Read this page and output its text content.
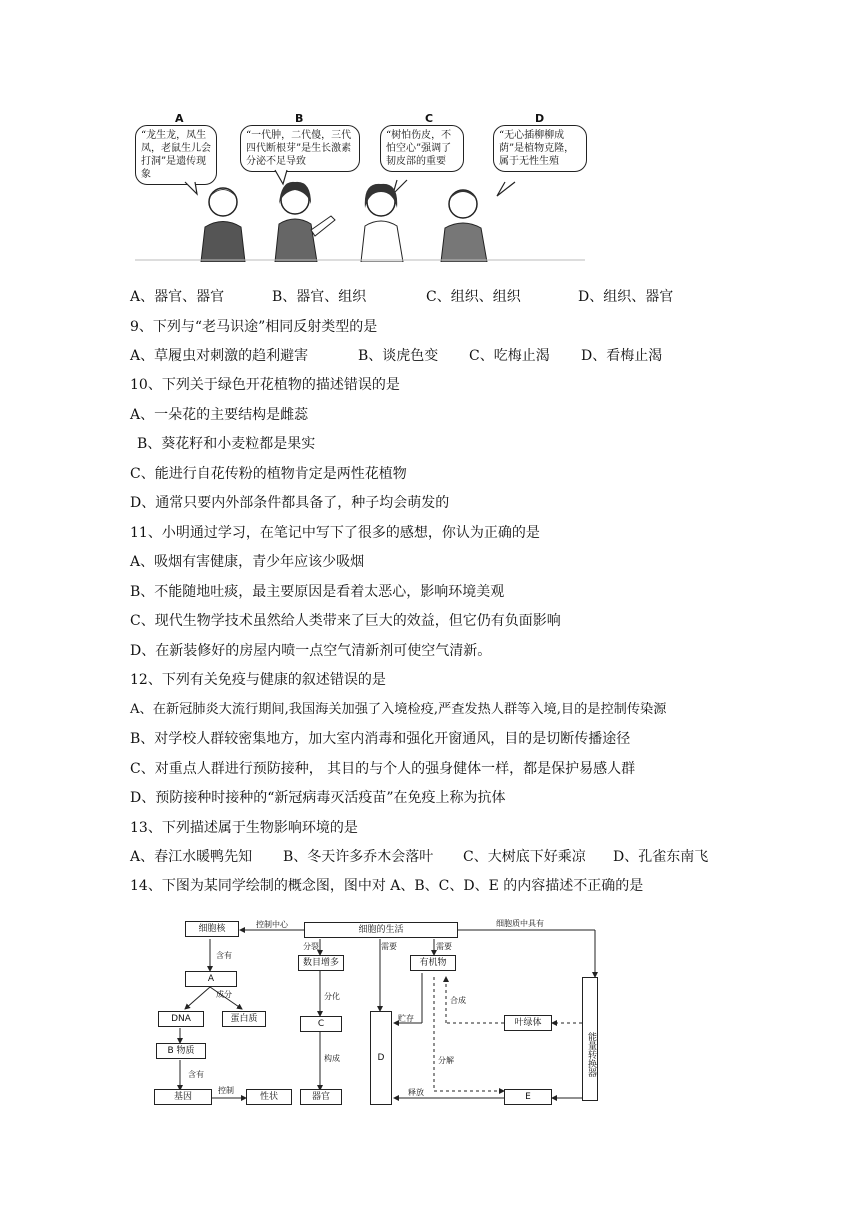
A	B	C	D
“龙生龙，凤生凤，老鼠生儿会打洞”是遗传现象
“一代肿，二代傻，三代四代断根芽”是生长激素分泌不足导致
“树怕伤皮，不怕空心”强调了韧皮部的重要
“无心插柳柳成荫”是植物克隆，属于无性生殖
A、器官、器官	B、器官、组织	C、组织、组织	D、组织、器官
9、下列与“老马识途”相同反射类型的是
A、草履虫对刺激的趋利避害	B、谈虎色变 C、吃梅止渴 D、看梅止渴
10、下列关于绿色开花植物的描述错误的是
A、一朵花的主要结构是雌蕊
B、葵花籽和小麦粒都是果实
C、能进行自花传粉的植物肯定是两性花植物
D、通常只要内外部条件都具备了，种子均会萌发的
11、小明通过学习，在笔记中写下了很多的感想，你认为正确的是
A、吸烟有害健康，青少年应该少吸烟
B、不能随地吐痰，最主要原因是看着太恶心，影响环境美观
C、现代生物学技术虽然给人类带来了巨大的效益，但它仍有负面影响
D、在新装修好的房屋内喷一点空气清新剂可使空气清新。
12、下列有关免疫与健康的叙述错误的是
A、在新冠肺炎大流行期间,我国海关加强了入境检疫,严查发热人群等入境,目的是控制传染源
B、对学校人群较密集地方，加大室内消毒和强化开窗通风，目的是切断传播途径
C、对重点人群进行预防接种， 其目的与个人的强身健体一样，都是保护易感人群
D、预防接种时接种的“新冠病毒灭活疫苗”在免疫上称为抗体
13、下列描述属于生物影响环境的是
A、春江水暖鸭先知 B、冬天许多乔木会落叶 C、大树底下好乘凉 D、孔雀东南飞
14、下图为某同学绘制的概念图，图中对 A、B、C、D、E 的内容描述不正确的是
细胞核
A
DNA	蛋白质
B 物质
基因	性状
细胞的生活
数目增多
C
器官
D
有机物
叶绿体
E
能量转换器
控制中心
含有
成分
含有
控制
分裂
分化
构成
需要	需要
细胞质中具有
合成
贮存
分解
释放
